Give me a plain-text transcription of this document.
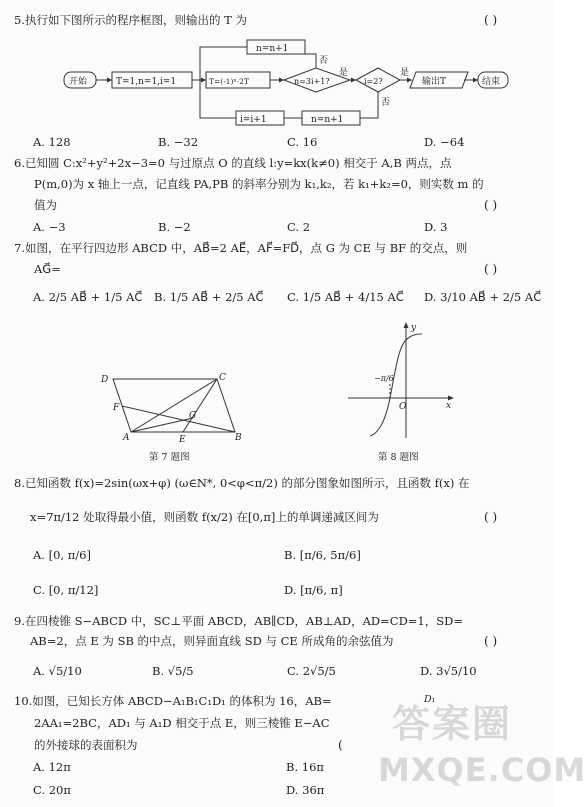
5.执行如下图所示的程序框图，则输出的 T 为	( )
开始	T=1,n=1,i=1	T=(-1)ⁿ·2T
n=n+1
n=3i+1?	i=2?	输出T	结束
i=i+1	n=n+1
是
否
是
否
A. 128	B. −32	C. 16	D. −64
6.已知圆 C:x²+y²+2x−3=0 与过原点 O 的直线 l:y=kx(k≠0) 相交于 A,B 两点，点
P(m,0)为 x 轴上一点，记直线 PA,PB 的斜率分别为 k₁,k₂，若 k₁+k₂=0，则实数 m 的
值为	( )
A. −3	B. −2	C. 2	D. 3
7.如图，在平行四边形 ABCD 中，AB⃗=2 AE⃗，AF⃗=FD⃗，点 G 为 CE 与 BF 的交点，则
AG⃗=	( )
A. 2/5 AB⃗ + 1/5 AC⃗ B. 1/5 AB⃗ + 2/5 AC⃗ C. 1/5 AB⃗ + 4/15 AC⃗ D. 3/10 AB⃗ + 2/5 AC⃗
D	C
F
G
A	E	B
第 7 题图
y
x
O
−π/6
第 8 题图
8.已知函数 f(x)=2sin(ωx+φ) (ω∈N*, 0<φ<π/2) 的部分图象如图所示，且函数 f(x) 在
x=7π/12 处取得最小值，则函数 f(x/2) 在[0,π]上的单调递减区间为	( )
A. [0, π/6]	B. [π/6, 5π/6]
C. [0, π/12]	D. [π/6, π]
9.在四棱锥 S−ABCD 中，SC⊥平面 ABCD，AB∥CD，AB⊥AD，AD=CD=1，SD=
AB=2，点 E 为 SB 的中点，则异面直线 SD 与 CE 所成角的余弦值为	( )
A. √5/10	B. √5/5	C. 2√5/5	D. 3√5/10
10.如图，已知长方体 ABCD−A₁B₁C₁D₁ 的体积为 16，AB=
2AA₁=2BC，AD₁ 与 A₁D 相交于点 E，则三棱锥 E−AC
的外接球的表面积为	(
D₁
A. 12π	B. 16π
C. 20π	D. 36π
答案圈
MXQE.COM
